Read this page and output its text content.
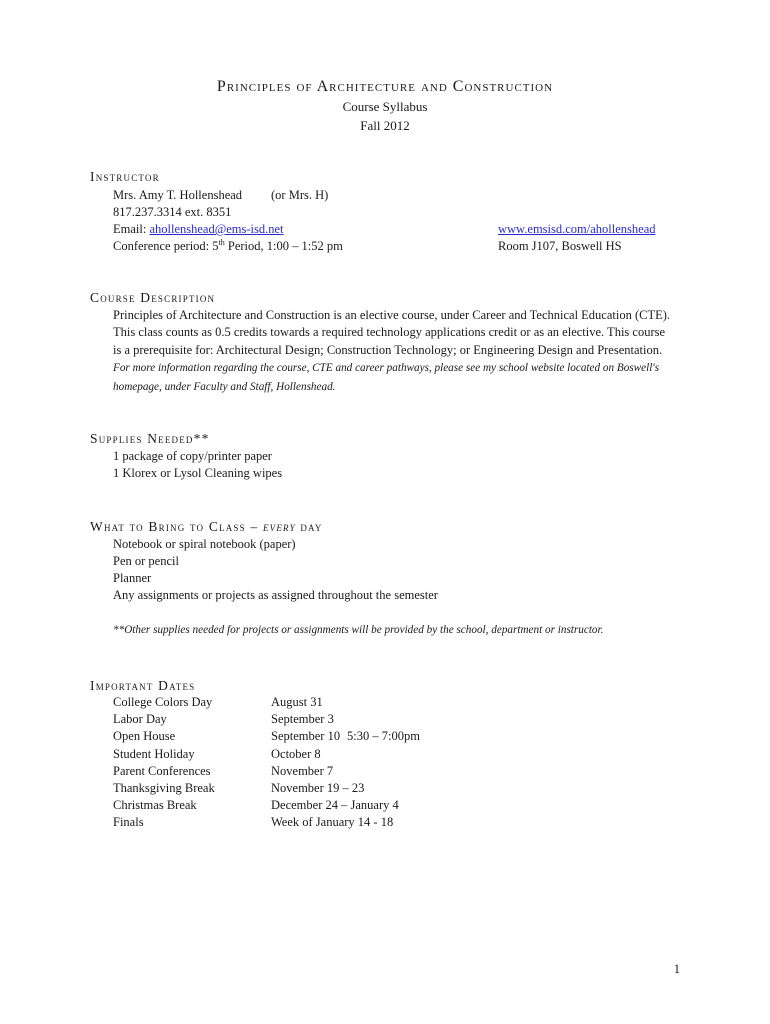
Principles of Architecture and Construction
Course Syllabus
Fall 2012
Instructor
Mrs. Amy T. Hollenshead (or Mrs. H)
817.237.3314 ext. 8351
Email: ahollenshead@ems-isd.net	www.emsisd.com/ahollenshead
Conference period: 5th Period, 1:00 – 1:52 pm	Room J107, Boswell HS
Course Description
Principles of Architecture and Construction is an elective course, under Career and Technical Education (CTE). This class counts as 0.5 credits towards a required technology applications credit or as an elective. This course is a prerequisite for: Architectural Design; Construction Technology; or Engineering Design and Presentation. For more information regarding the course, CTE and career pathways, please see my school website located on Boswell's homepage, under Faculty and Staff, Hollenshead.
Supplies Needed**
1 package of copy/printer paper
1 Klorex or Lysol Cleaning wipes
What to Bring to Class – every day
Notebook or spiral notebook (paper)
Pen or pencil
Planner
Any assignments or projects as assigned throughout the semester
**Other supplies needed for projects or assignments will be provided by the school, department or instructor.
Important Dates
College Colors Day	August 31
Labor Day	September 3
Open House	September 10 5:30 – 7:00pm
Student Holiday	October 8
Parent Conferences	November 7
Thanksgiving Break	November 19 – 23
Christmas Break	December 24 – January 4
Finals	Week of January 14 - 18
1
